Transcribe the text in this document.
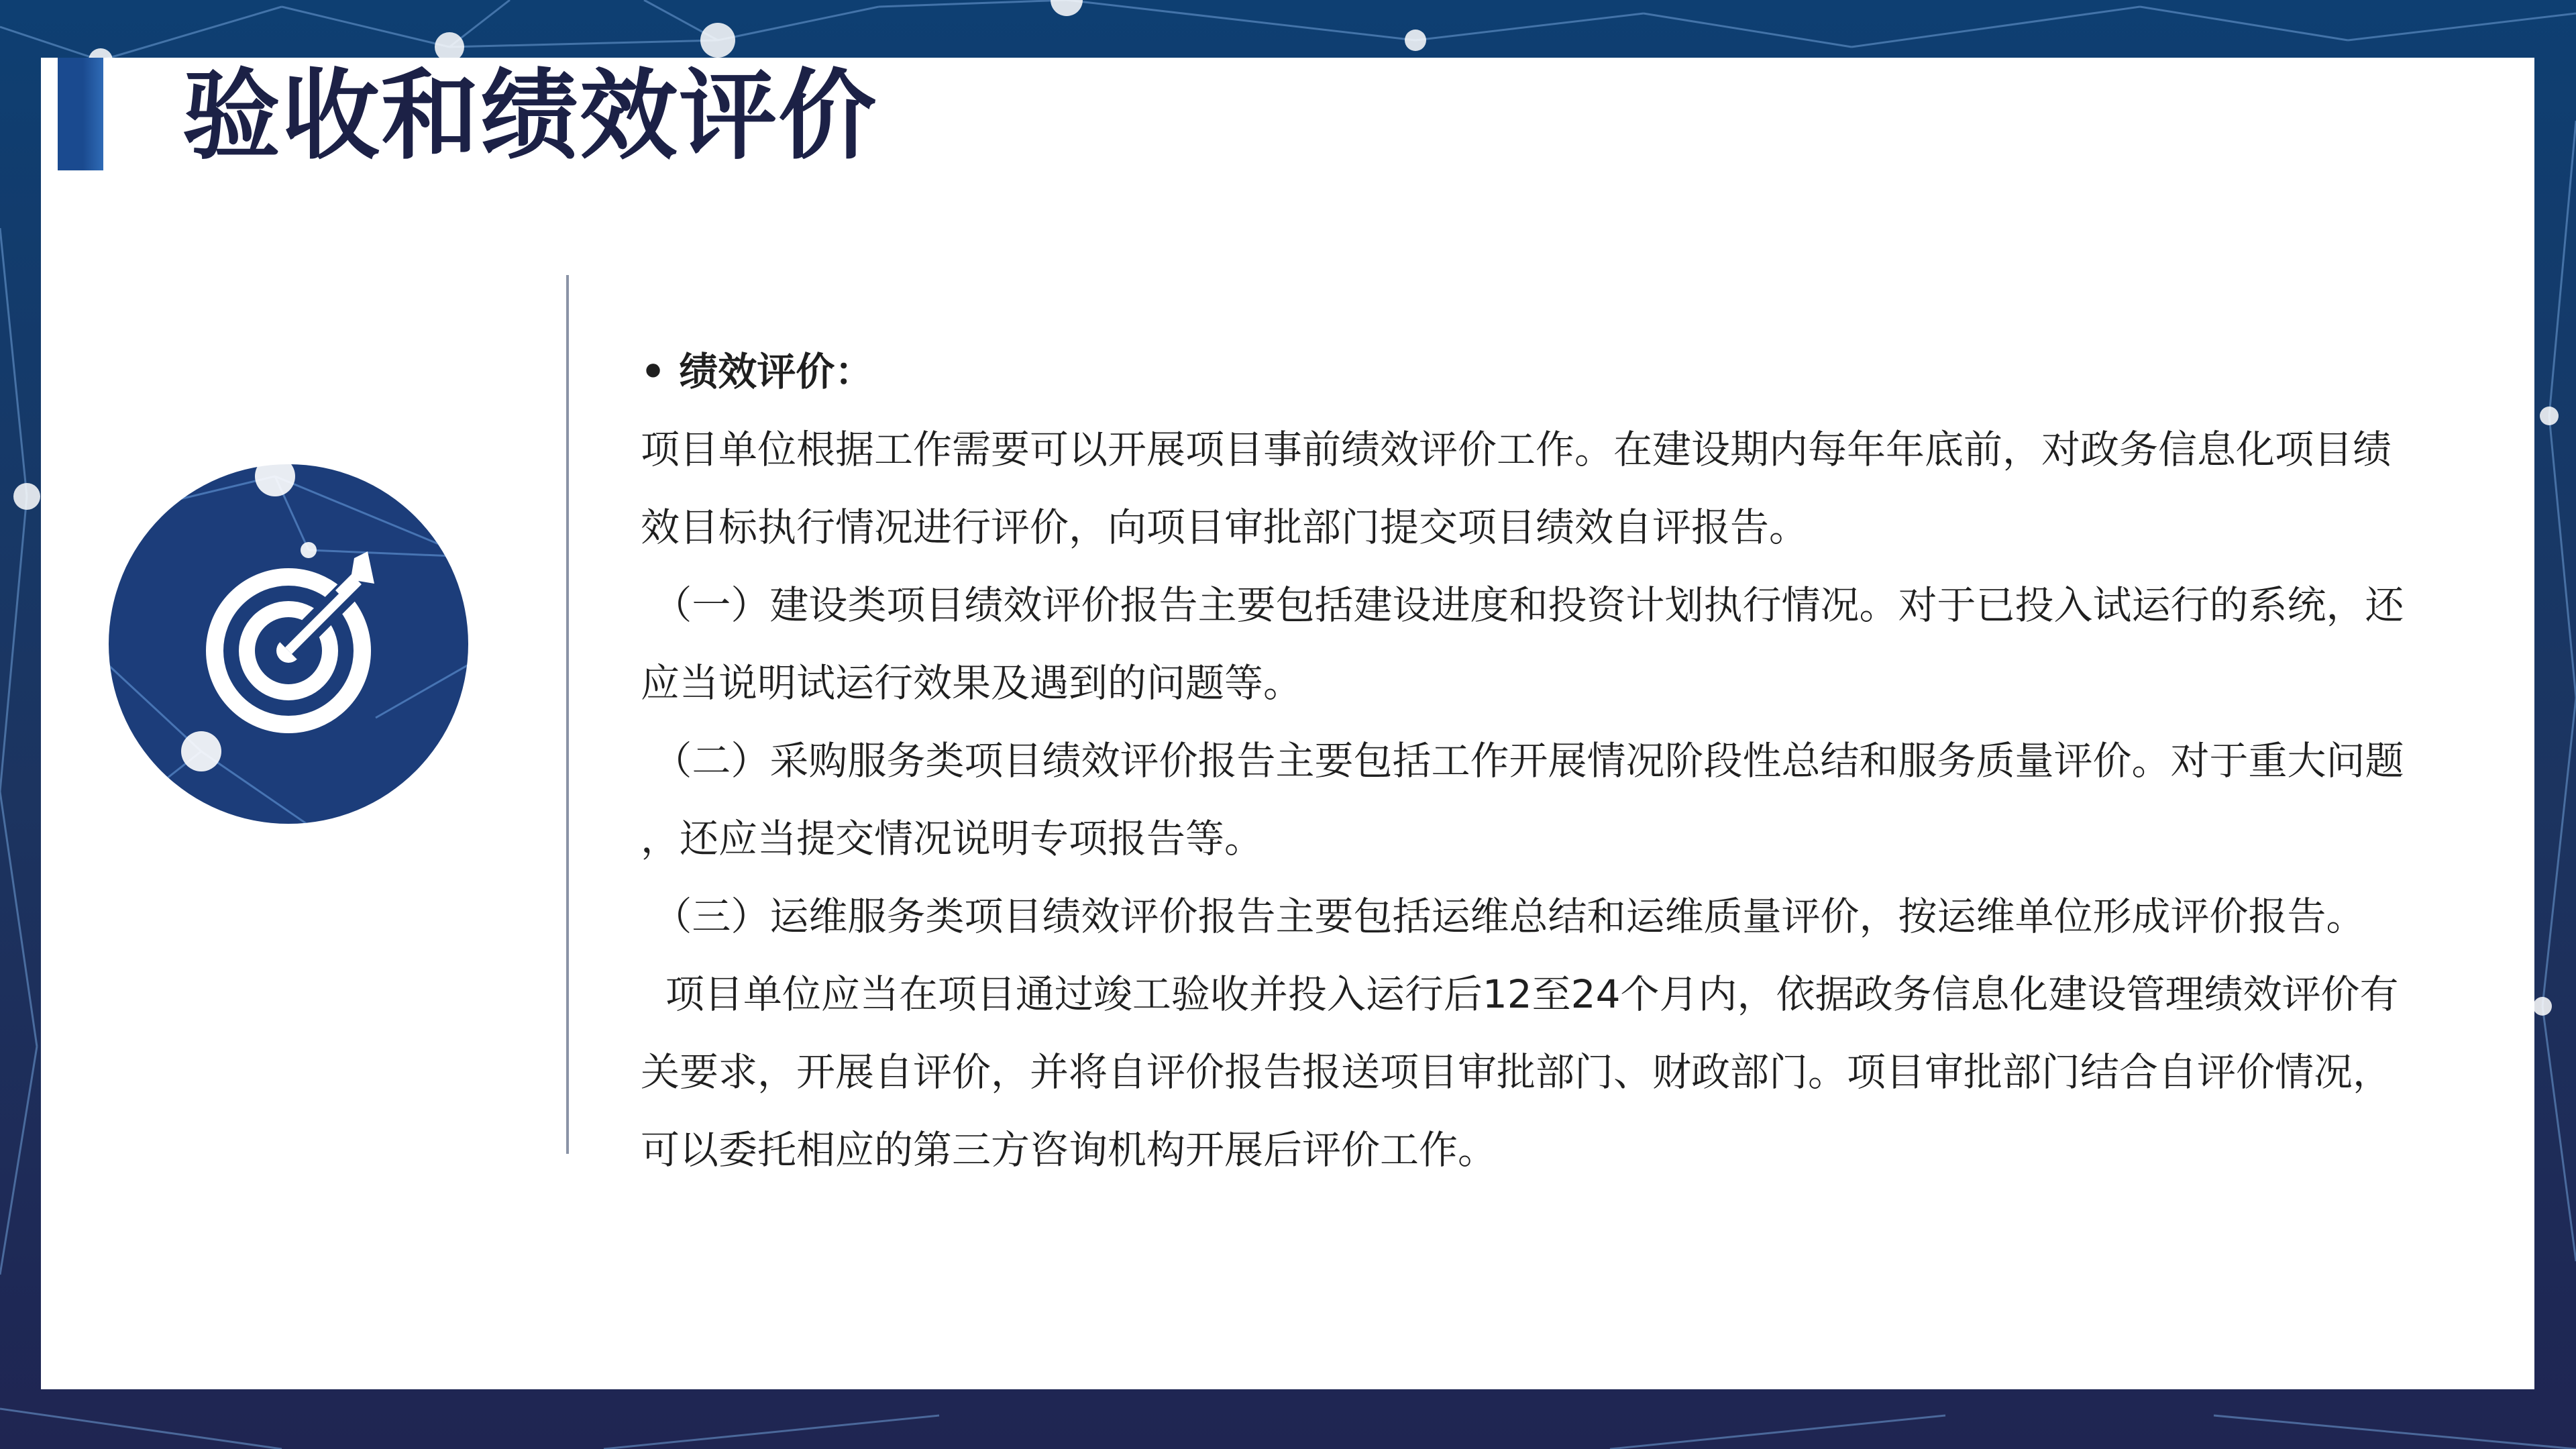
验收和绩效评价

• 绩效评价：

项目单位根据工作需要可以开展项目事前绩效评价工作。在建设期内每年年底前，对政务信息化项目绩

效目标执行情况进行评价，向项目审批部门提交项目绩效自评报告。

（一）建设类项目绩效评价报告主要包括建设进度和投资计划执行情况。对于已投入试运行的系统，还

应当说明试运行效果及遇到的问题等。

（二）采购服务类项目绩效评价报告主要包括工作开展情况阶段性总结和服务质量评价。对于重大问题

，还应当提交情况说明专项报告等。

（三）运维服务类项目绩效评价报告主要包括运维总结和运维质量评价，按运维单位形成评价报告。

项目单位应当在项目通过竣工验收并投入运行后12至24个月内，依据政务信息化建设管理绩效评价有

关要求，开展自评价，并将自评价报告报送项目审批部门、财政部门。项目审批部门结合自评价情况，

可以委托相应的第三方咨询机构开展后评价工作。
